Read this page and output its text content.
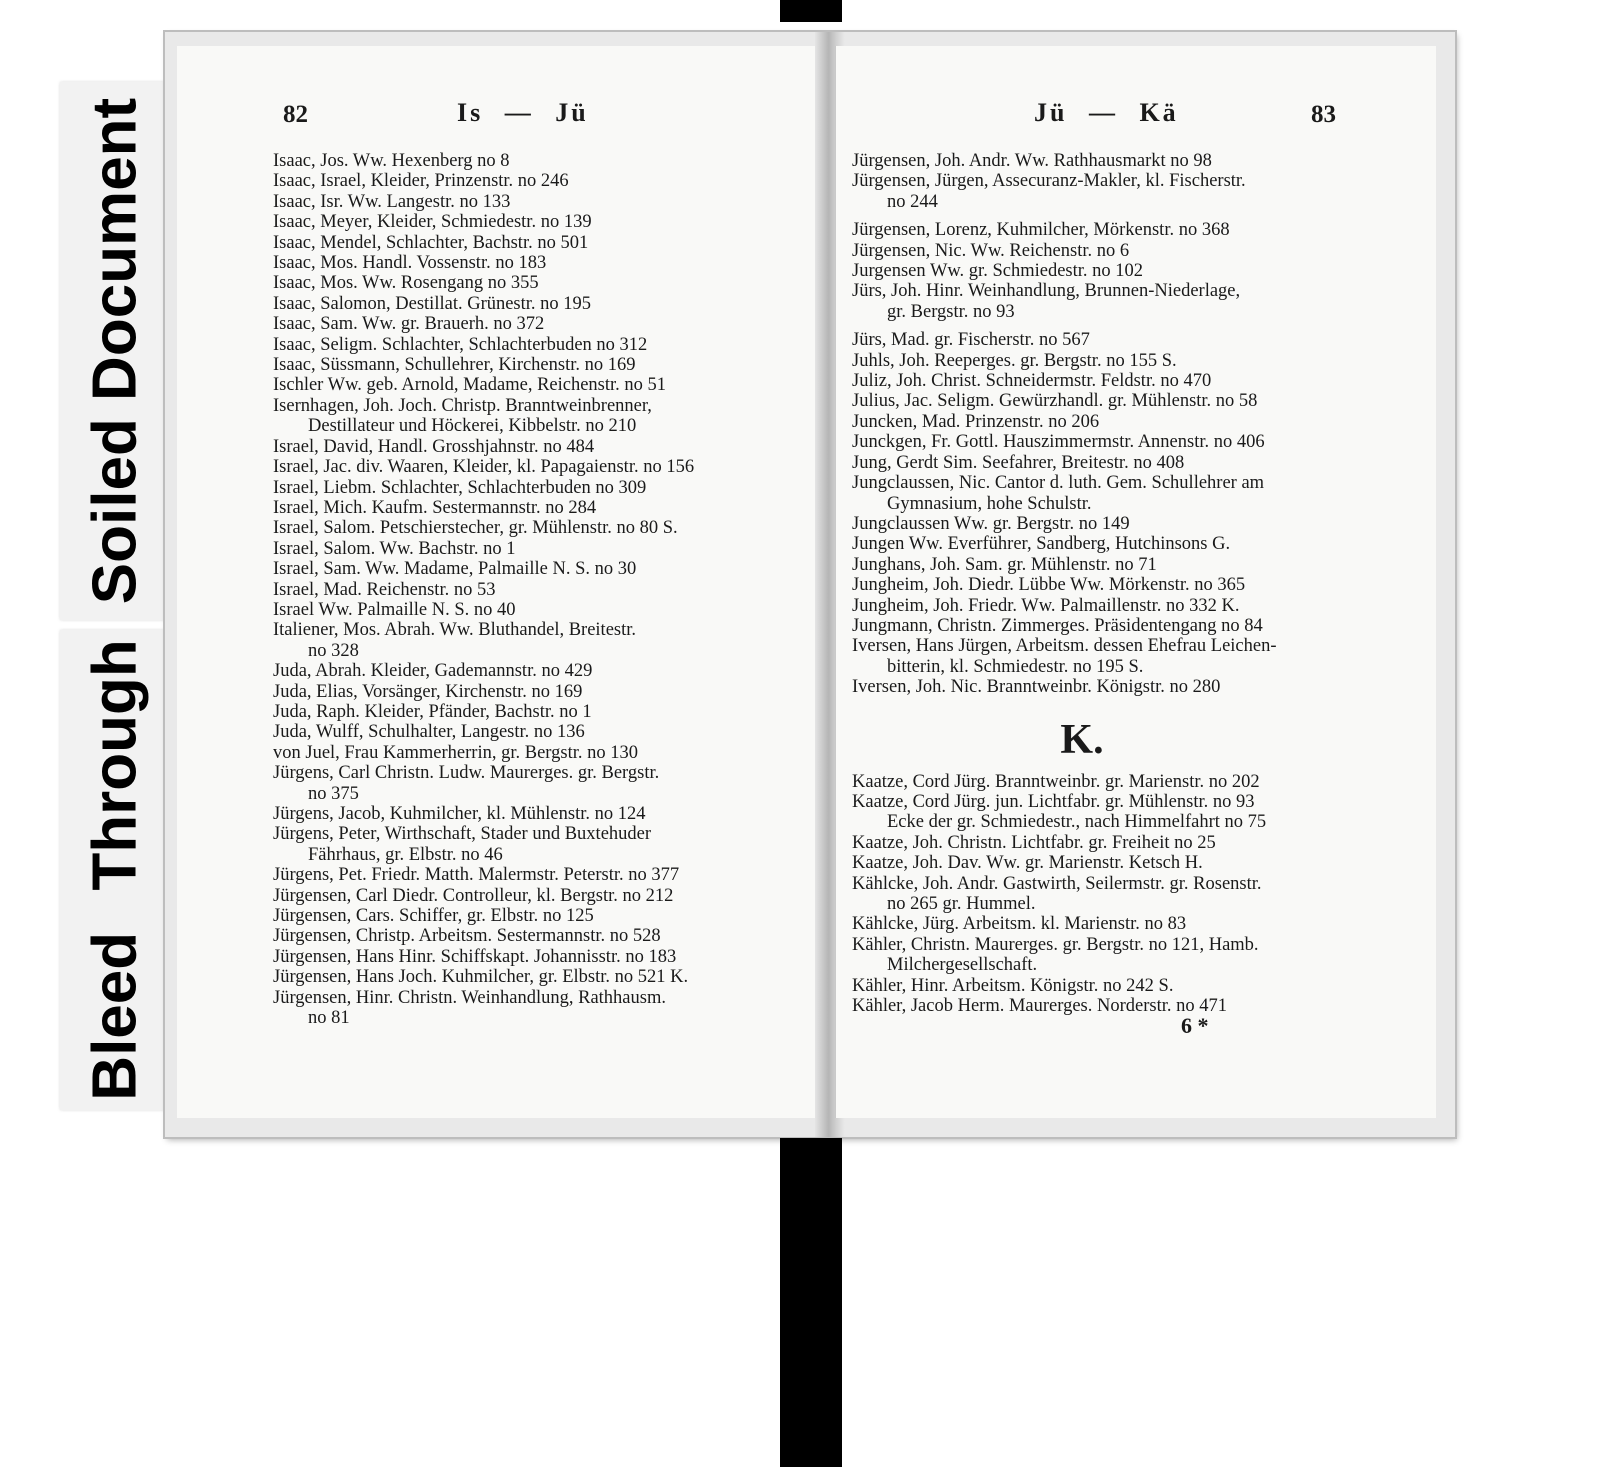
Soiled Document
Bleed Through
82	Is — Jü
Isaac, Jos. Ww. Hexenberg no 8
Isaac, Israel, Kleider, Prinzenstr. no 246
Isaac, Isr. Ww. Langestr. no 133
Isaac, Meyer, Kleider, Schmiedestr. no 139
Isaac, Mendel, Schlachter, Bachstr. no 501
Isaac, Mos. Handl. Vossenstr. no 183
Isaac, Mos. Ww. Rosengang no 355
Isaac, Salomon, Destillat. Grünestr. no 195
Isaac, Sam. Ww. gr. Brauerh. no 372
Isaac, Seligm. Schlachter, Schlachterbuden no 312
Isaac, Süssmann, Schullehrer, Kirchenstr. no 169
Ischler Ww. geb. Arnold, Madame, Reichenstr. no 51
Isernhagen, Joh. Joch. Christp. Branntweinbrenner,
Destillateur und Höckerei, Kibbelstr. no 210
Israel, David, Handl. Grosshjahnstr. no 484
Israel, Jac. div. Waaren, Kleider, kl. Papagaienstr. no 156
Israel, Liebm. Schlachter, Schlachterbuden no 309
Israel, Mich. Kaufm. Sestermannstr. no 284
Israel, Salom. Petschierstecher, gr. Mühlenstr. no 80 S.
Israel, Salom. Ww. Bachstr. no 1
Israel, Sam. Ww. Madame, Palmaille N. S. no 30
Israel, Mad. Reichenstr. no 53
Israel Ww. Palmaille N. S. no 40
Italiener, Mos. Abrah. Ww. Bluthandel, Breitestr.
no 328
Juda, Abrah. Kleider, Gademannstr. no 429
Juda, Elias, Vorsänger, Kirchenstr. no 169
Juda, Raph. Kleider, Pfänder, Bachstr. no 1
Juda, Wulff, Schulhalter, Langestr. no 136
von Juel, Frau Kammerherrin, gr. Bergstr. no 130
Jürgens, Carl Christn. Ludw. Maurerges. gr. Bergstr.
no 375
Jürgens, Jacob, Kuhmilcher, kl. Mühlenstr. no 124
Jürgens, Peter, Wirthschaft, Stader und Buxtehuder
Fährhaus, gr. Elbstr. no 46
Jürgens, Pet. Friedr. Matth. Malermstr. Peterstr. no 377
Jürgensen, Carl Diedr. Controlleur, kl. Bergstr. no 212
Jürgensen, Cars. Schiffer, gr. Elbstr. no 125
Jürgensen, Christp. Arbeitsm. Sestermannstr. no 528
Jürgensen, Hans Hinr. Schiffskapt. Johannisstr. no 183
Jürgensen, Hans Joch. Kuhmilcher, gr. Elbstr. no 521 K.
Jürgensen, Hinr. Christn. Weinhandlung, Rathhausm.
no 81
Jü — Kä	83
Jürgensen, Joh. Andr. Ww. Rathhausmarkt no 98
Jürgensen, Jürgen, Assecuranz-Makler, kl. Fischerstr.
no 244
Jürgensen, Lorenz, Kuhmilcher, Mörkenstr. no 368
Jürgensen, Nic. Ww. Reichenstr. no 6
Jurgensen Ww. gr. Schmiedestr. no 102
Jürs, Joh. Hinr. Weinhandlung, Brunnen-Niederlage,
gr. Bergstr. no 93
Jürs, Mad. gr. Fischerstr. no 567
Juhls, Joh. Reeperges. gr. Bergstr. no 155 S.
Juliz, Joh. Christ. Schneidermstr. Feldstr. no 470
Julius, Jac. Seligm. Gewürzhandl. gr. Mühlenstr. no 58
Juncken, Mad. Prinzenstr. no 206
Junckgen, Fr. Gottl. Hauszimmermstr. Annenstr. no 406
Jung, Gerdt Sim. Seefahrer, Breitestr. no 408
Jungclaussen, Nic. Cantor d. luth. Gem. Schullehrer am
Gymnasium, hohe Schulstr.
Jungclaussen Ww. gr. Bergstr. no 149
Jungen Ww. Everführer, Sandberg, Hutchinsons G.
Junghans, Joh. Sam. gr. Mühlenstr. no 71
Jungheim, Joh. Diedr. Lübbe Ww. Mörkenstr. no 365
Jungheim, Joh. Friedr. Ww. Palmaillenstr. no 332 K.
Jungmann, Christn. Zimmerges. Präsidentengang no 84
Iversen, Hans Jürgen, Arbeitsm. dessen Ehefrau Leichen-
bitterin, kl. Schmiedestr. no 195 S.
Iversen, Joh. Nic. Branntweinbr. Königstr. no 280
K.
Kaatze, Cord Jürg. Branntweinbr. gr. Marienstr. no 202
Kaatze, Cord Jürg. jun. Lichtfabr. gr. Mühlenstr. no 93
Ecke der gr. Schmiedestr., nach Himmelfahrt no 75
Kaatze, Joh. Christn. Lichtfabr. gr. Freiheit no 25
Kaatze, Joh. Dav. Ww. gr. Marienstr. Ketsch H.
Kählcke, Joh. Andr. Gastwirth, Seilermstr. gr. Rosenstr.
no 265 gr. Hummel.
Kählcke, Jürg. Arbeitsm. kl. Marienstr. no 83
Kähler, Christn. Maurerges. gr. Bergstr. no 121, Hamb.
Milchergesellschaft.
Kähler, Hinr. Arbeitsm. Königstr. no 242 S.
Kähler, Jacob Herm. Maurerges. Norderstr. no 471
6 *
